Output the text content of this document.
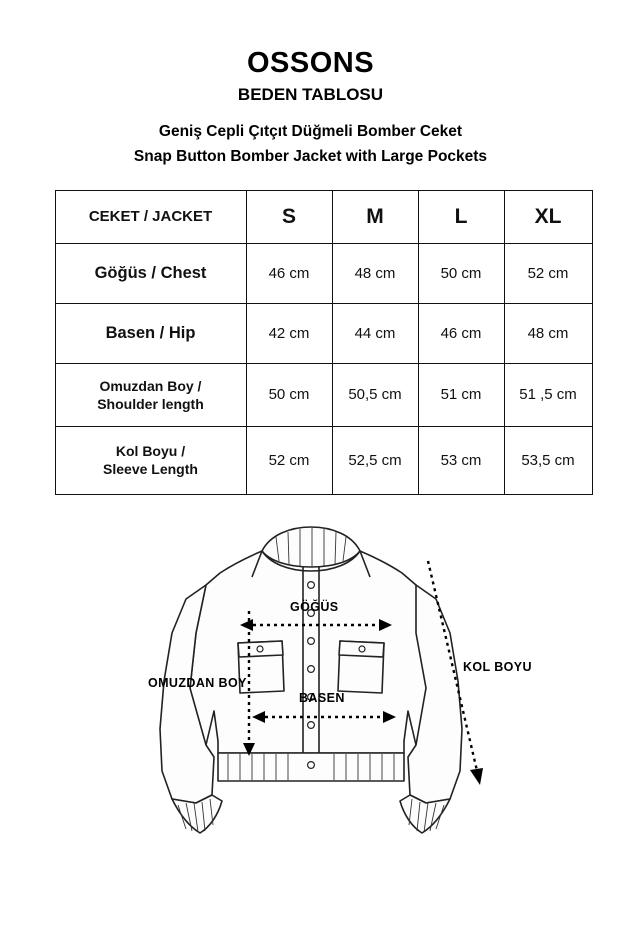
OSSONS
BEDEN TABLOSU
Geniş Cepli Çıtçıt Düğmeli Bomber Ceket
Snap Button Bomber Jacket with Large Pockets
CEKET / JACKET	S	M	L	XL
Göğüs / Chest	46 cm	48 cm	50 cm	52 cm
Basen / Hip	42 cm	44 cm	46 cm	48 cm

Omuzdan Boy /
Shoulder length	50 cm	50,5 cm	51 cm	51 ,5 cm

Kol Boyu /
Sleeve Length	52 cm	52,5 cm	53 cm	53,5 cm
GÖĞÜS
BASEN
OMUZDAN BOY
KOL BOYU
